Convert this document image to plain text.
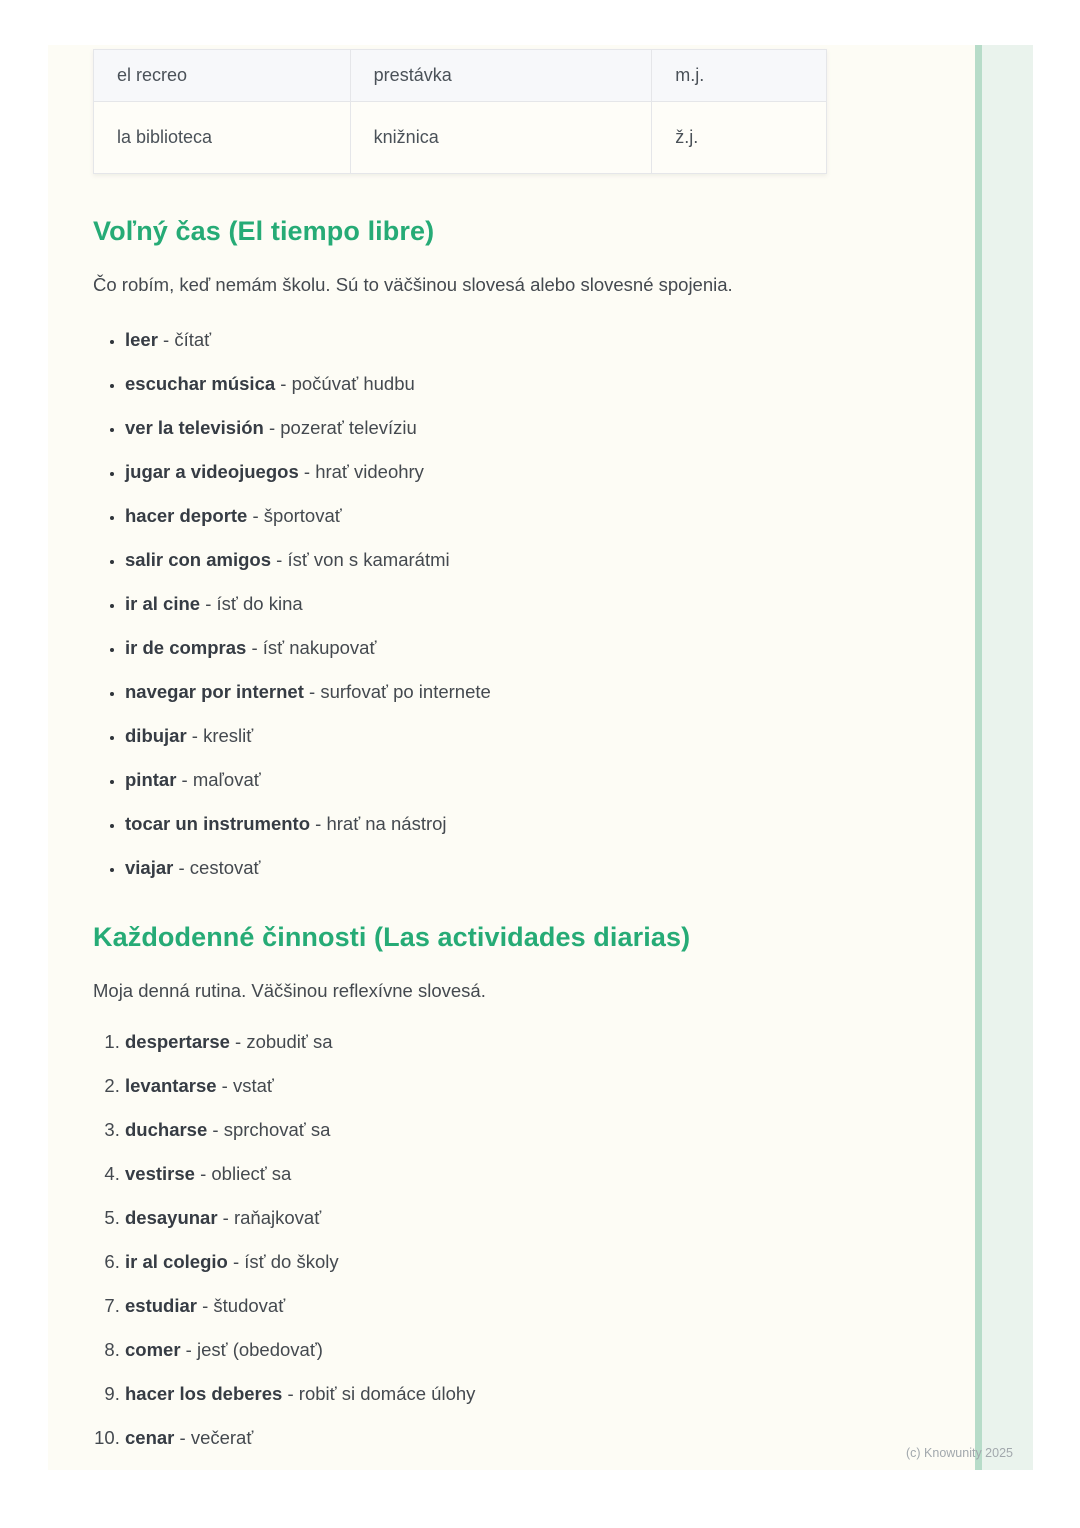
el recreo	prestávka	m.j.
la biblioteca	knižnica	ž.j.
Voľný čas (El tiempo libre)

Čo robím, keď nemám školu. Sú to väčšinou slovesá alebo slovesné spojenia.

• leer - čítať
• escuchar música - počúvať hudbu
• ver la televisión - pozerať televíziu
• jugar a videojuegos - hrať videohry
• hacer deporte - športovať
• salir con amigos - ísť von s kamarátmi
• ir al cine - ísť do kina
• ir de compras - ísť nakupovať
• navegar por internet - surfovať po internete
• dibujar - kresliť
• pintar - maľovať
• tocar un instrumento - hrať na nástroj
• viajar - cestovať
Každodenné činnosti (Las actividades diarias)

Moja denná rutina. Väčšinou reflexívne slovesá.

1. despertarse - zobudiť sa
2. levantarse - vstať
3. ducharse - sprchovať sa
4. vestirse - obliecť sa
5. desayunar - raňajkovať
6. ir al colegio - ísť do školy
7. estudiar - študovať
8. comer - jesť (obedovať)
9. hacer los deberes - robiť si domáce úlohy
10. cenar - večerať
(c) Knowunity 2025
